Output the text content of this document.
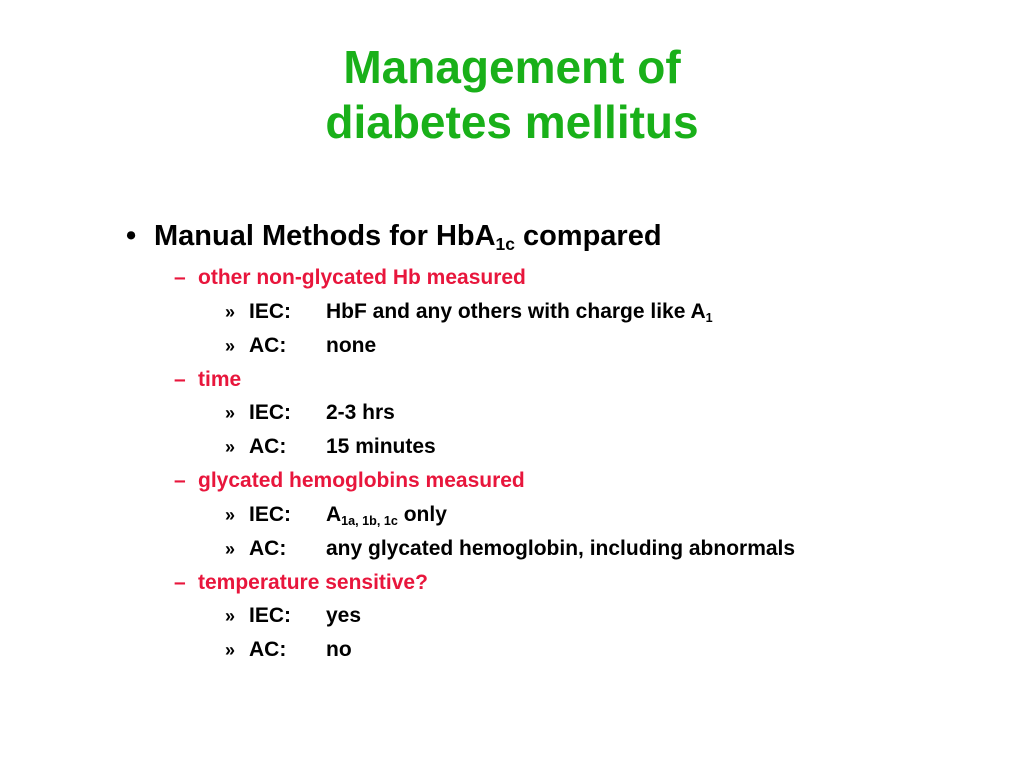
Management of
diabetes mellitus
• Manual Methods for HbA$_{1c}$ compared
– other non-glycated Hb measured
» IEC: HbF and any others with charge like $A_1$
» AC: none
– time
» IEC: 2-3 hrs
» AC: 15 minutes
– glycated hemoglobins measured
» IEC: $A_{1a, 1b, 1c}$ only
» AC: any glycated hemoglobin, including abnormals
– temperature sensitive?
» IEC: yes
» AC: no
